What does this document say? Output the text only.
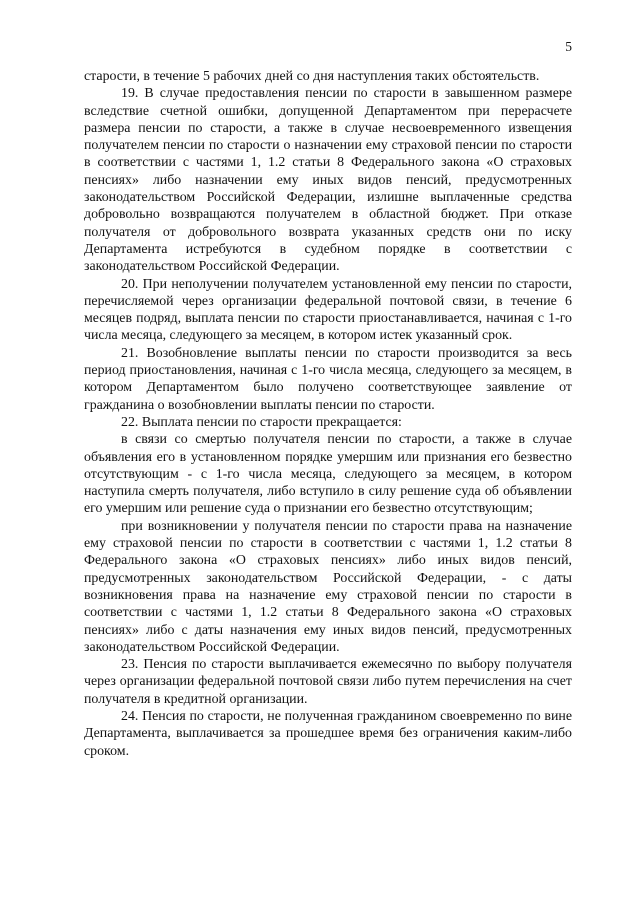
5

старости, в течение 5 рабочих дней со дня наступления таких обстоятельств.

19. В случае предоставления пенсии по старости в завышенном размере вследствие счетной ошибки, допущенной Департаментом при перерасчете размера пенсии по старости, а также в случае несвоевременного извещения получателем пенсии по старости о назначении ему страховой пенсии по старости в соответствии с частями 1, 1.2 статьи 8 Федерального закона «О страховых пенсиях» либо назначении ему иных видов пенсий, предусмотренных законодательством Российской Федерации, излишне выплаченные средства добровольно возвращаются получателем в областной бюджет. При отказе получателя от добровольного возврата указанных средств они по иску Департамента истребуются в судебном порядке в соответствии с законодательством Российской Федерации.

20. При неполучении получателем установленной ему пенсии по старости, перечисляемой через организации федеральной почтовой связи, в течение 6 месяцев подряд, выплата пенсии по старости приостанавливается, начиная с 1-го числа месяца, следующего за месяцем, в котором истек указанный срок.

21. Возобновление выплаты пенсии по старости производится за весь период приостановления, начиная с 1-го числа месяца, следующего за месяцем, в котором Департаментом было получено соответствующее заявление от гражданина о возобновлении выплаты пенсии по старости.

22. Выплата пенсии по старости прекращается:

в связи со смертью получателя пенсии по старости, а также в случае объявления его в установленном порядке умершим или признания его безвестно отсутствующим - с 1-го числа месяца, следующего за месяцем, в котором наступила смерть получателя, либо вступило в силу решение суда об объявлении его умершим или решение суда о признании его безвестно отсутствующим;

при возникновении у получателя пенсии по старости права на назначение ему страховой пенсии по старости в соответствии с частями 1, 1.2 статьи 8 Федерального закона «О страховых пенсиях» либо иных видов пенсий, предусмотренных законодательством Российской Федерации, - с даты возникновения права на назначение ему страховой пенсии по старости в соответствии с частями 1, 1.2 статьи 8 Федерального закона «О страховых пенсиях» либо с даты назначения ему иных видов пенсий, предусмотренных законодательством Российской Федерации.

23. Пенсия по старости выплачивается ежемесячно по выбору получателя через организации федеральной почтовой связи либо путем перечисления на счет получателя в кредитной организации.

24. Пенсия по старости, не полученная гражданином своевременно по вине Департамента, выплачивается за прошедшее время без ограничения каким-либо сроком.
